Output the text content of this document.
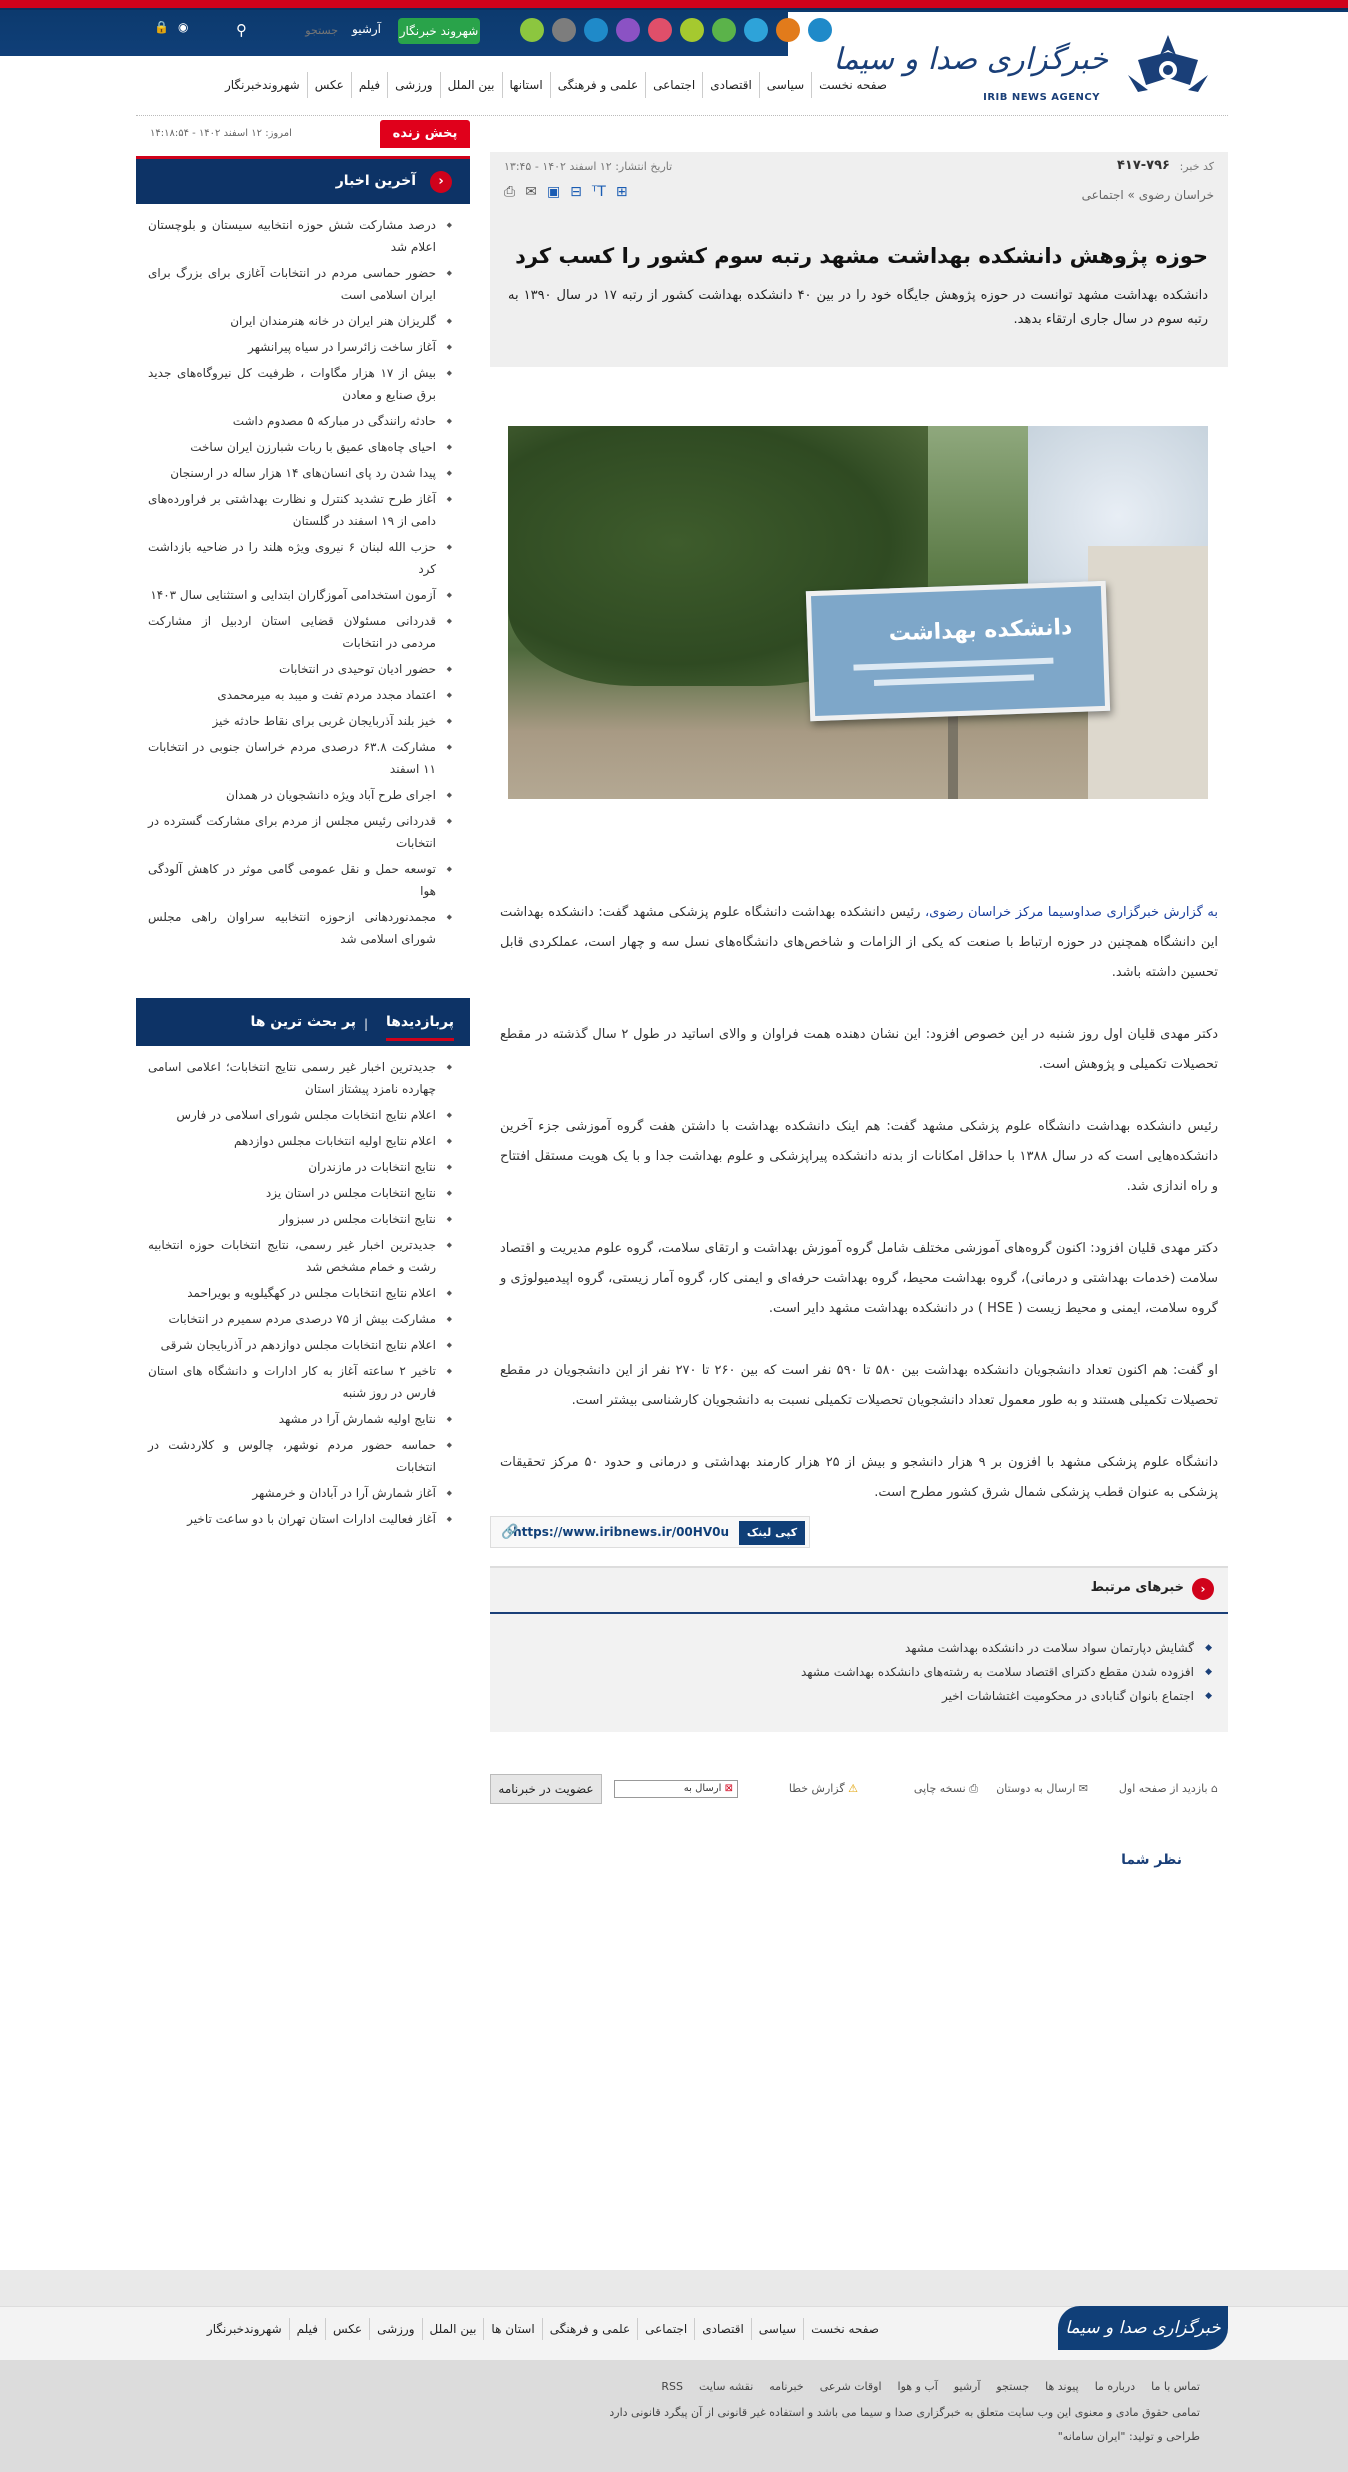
خبرگزاری صدا و سیما
IRIB NEWS AGENCY
شهروند خبرنگار
آرشیو
جستجو
⚲
◉
🔒
صفحه نخست
سیاسی
اقتصادی
اجتماعی
علمی و فرهنگی
استانها
بین الملل
ورزشی
فیلم
عکس
شهروندخبرنگار
پخش زنده
امروز: ۱۲ اسفند ۱۴۰۲ - ۱۴:۱۸:۵۴
‹
آخرین اخبار
◆ درصد مشارکت شش حوزه انتخابیه سیستان و بلوچستان اعلام شد
◆ حضور حماسی مردم در انتخابات آغازی برای بزرگ برای ایران اسلامی است
◆ گلریزان هنر ایران در خانه هنرمندان ایران
◆ آغاز ساخت زائرسرا در سیاه پیرانشهر
◆ بیش از ۱۷ هزار مگاوات ، ظرفیت کل نیروگاه‌های جدید برق صنایع و معادن
◆ حادثه رانندگی در مبارکه ۵ مصدوم داشت
◆ احیای چاه‌های عمیق با ربات شبارزن ایران ساخت
◆ پیدا شدن رد پای انسان‌های ۱۴ هزار ساله در ارسنجان
◆ آغاز طرح تشدید کنترل و نظارت بهداشتی بر فراورده‌های دامی از ۱۹ اسفند در گلستان
◆ حزب الله لبنان ۶ نیروی ویژه هلند را در ضاحیه بازداشت کرد
◆ آزمون استخدامی آموزگاران ابتدایی و استثنایی سال ۱۴۰۳
◆ قدردانی مسئولان قضایی استان اردبیل از مشارکت مردمی در انتخابات
◆ حضور ادیان توحیدی در انتخابات
◆ اعتماد مجدد مردم تفت و میبد به میرمحمدی
◆ خیز بلند آذربایجان غربی برای نقاط حادثه خیز
◆ مشارکت ۶۳.۸ درصدی مردم خراسان جنوبی در انتخابات ۱۱ اسفند
◆ اجرای طرح آباد ویژه دانشجویان در همدان
◆ قدردانی رئیس مجلس از مردم برای مشارکت گسترده در انتخابات
◆ توسعه حمل و نقل عمومی گامی موثر در کاهش آلودگی هوا
◆ مجمدنوردهانی ازحوزه انتخابیه سراوان راهی مجلس شورای اسلامی شد
پربازدیدها
|
پر بحث ترین ها
◆ جدیدترین اخبار غیر رسمی نتایج انتخابات؛ اعلامی اسامی چهارده نامزد پیشتاز استان
◆ اعلام نتایج انتخابات مجلس شورای اسلامی در فارس
◆ اعلام نتایج اولیه انتخابات مجلس دوازدهم
◆ نتایج انتخابات در مازندران
◆ نتایج انتخابات مجلس در استان یزد
◆ نتایج انتخابات مجلس در سبزوار
◆ جدیدترین اخبار غیر رسمی، نتایج انتخابات حوزه انتخابیه رشت و خمام مشخص شد
◆ اعلام نتایج انتخابات مجلس در کهگیلویه و بویراحمد
◆ مشارکت بیش از ۷۵ درصدی مردم سمیرم در انتخابات
◆ اعلام نتایج انتخابات مجلس دوازدهم در آذربایجان شرقی
◆ تاخیر ۲ ساعته آغاز به کار ادارات و دانشگاه های استان فارس در روز شنبه
◆ نتایج اولیه شمارش آرا در مشهد
◆ حماسه حضور مردم نوشهر، چالوس و کلاردشت در انتخابات
◆ آغاز شمارش آرا در آبادان و خرمشهر
◆ آغاز فعالیت ادارات استان تهران با دو ساعت تاخیر
کد خبر:
۴۱۷-۷۹۶
تاریخ انتشار: ۱۲ اسفند ۱۴۰۲ - ۱۳:۴۵
خراسان رضوی » اجتماعی
⎙ ✉ ▣ ⊟ ᵀT ⊞
حوزه پژوهش دانشکده بهداشت مشهد رتبه سوم کشور را کسب کرد

دانشکده بهداشت مشهد توانست در حوزه پژوهش جایگاه خود را در بین ۴۰ دانشکده بهداشت کشور از رتبه ۱۷ در سال ۱۳۹۰ به رتبه سوم در سال جاری ارتقاء بدهد.

دانشکده بهداشت

به گزارش خبرگزاری صداوسیما مرکز خراسان رضوی، رئیس دانشکده بهداشت دانشگاه علوم پزشکی مشهد گفت: دانشکده بهداشت این دانشگاه همچنین در حوزه ارتباط با صنعت که یکی از الزامات و شاخص‌های دانشگاه‌های نسل سه و چهار است، عملکردی قابل تحسین داشته باشد.

دکتر مهدی قلیان اول روز شنبه در این خصوص افزود: این نشان دهنده همت فراوان و والای اساتید در طول ۲ سال گذشته در مقطع تحصیلات تکمیلی و پژوهش است.

رئیس دانشکده بهداشت دانشگاه علوم پزشکی مشهد گفت: هم اینک دانشکده بهداشت با داشتن هفت گروه آموزشی جزء آخرین دانشکده‌هایی است که در سال ۱۳۸۸ با حداقل امکانات از بدنه دانشکده پیراپزشکی و علوم بهداشت جدا و با یک هویت مستقل افتتاح و راه اندازی شد.

دکتر مهدی قلیان افزود: اکنون گروه‌های آموزشی مختلف شامل گروه آموزش بهداشت و ارتقای سلامت، گروه علوم مدیریت و اقتصاد سلامت (خدمات بهداشتی و درمانی)، گروه بهداشت محیط، گروه بهداشت حرفه‌ای و ایمنی کار، گروه آمار زیستی، گروه اپیدمیولوژی و گروه سلامت، ایمنی و محیط زیست ( HSE ) در دانشکده بهداشت مشهد دایر است.

او گفت: هم اکنون تعداد دانشجویان دانشکده بهداشت بین ۵۸۰ تا ۵۹۰ نفر است که بین ۲۶۰ تا ۲۷۰ نفر از این دانشجویان در مقطع تحصیلات تکمیلی هستند و به طور معمول تعداد دانشجویان تحصیلات تکمیلی نسبت به دانشجویان کارشناسی بیشتر است.

دانشگاه علوم پزشکی مشهد با افزون بر ۹ هزار دانشجو و بیش از ۲۵ هزار کارمند بهداشتی و درمانی و حدود ۵۰ مرکز تحقیقات پزشکی به عنوان قطب پزشکی شمال شرق کشور مطرح است.

کپی لینک
https://www.iribnews.ir/00HV0u
🔗
‹
خبرهای مرتبط
◆ گشایش دپارتمان سواد سلامت در دانشکده بهداشت مشهد
◆ افزوده شدن مقطع دکترای اقتصاد سلامت به رشته‌های دانشکده بهداشت مشهد
◆ اجتماع بانوان گنابادی در محکومیت اغتشاشات اخیر
⌂ بازدید از صفحه اول
✉ ارسال به دوستان
⎙ نسخه چاپی
⚠ گزارش خطا
⊠ ارسال به
عضویت در خبرنامه
نظر شما
خبرگزاری صدا و سیما
صفحه نخست
سیاسی
اقتصادی
اجتماعی
علمی و فرهنگی
استان ها
بین الملل
ورزشی
عکس
فیلم
شهروندخبرنگار
تماس با ما
درباره ما
پیوند ها
جستجو
آرشیو
آب و هوا
اوقات شرعی
خبرنامه
نقشه سایت
RSS
تمامی حقوق مادی و معنوی این وب سایت متعلق به خبرگزاری صدا و سیما می باشد و استفاده غیر قانونی از آن پیگرد قانونی دارد
طراحی و تولید: "ایران سامانه"
